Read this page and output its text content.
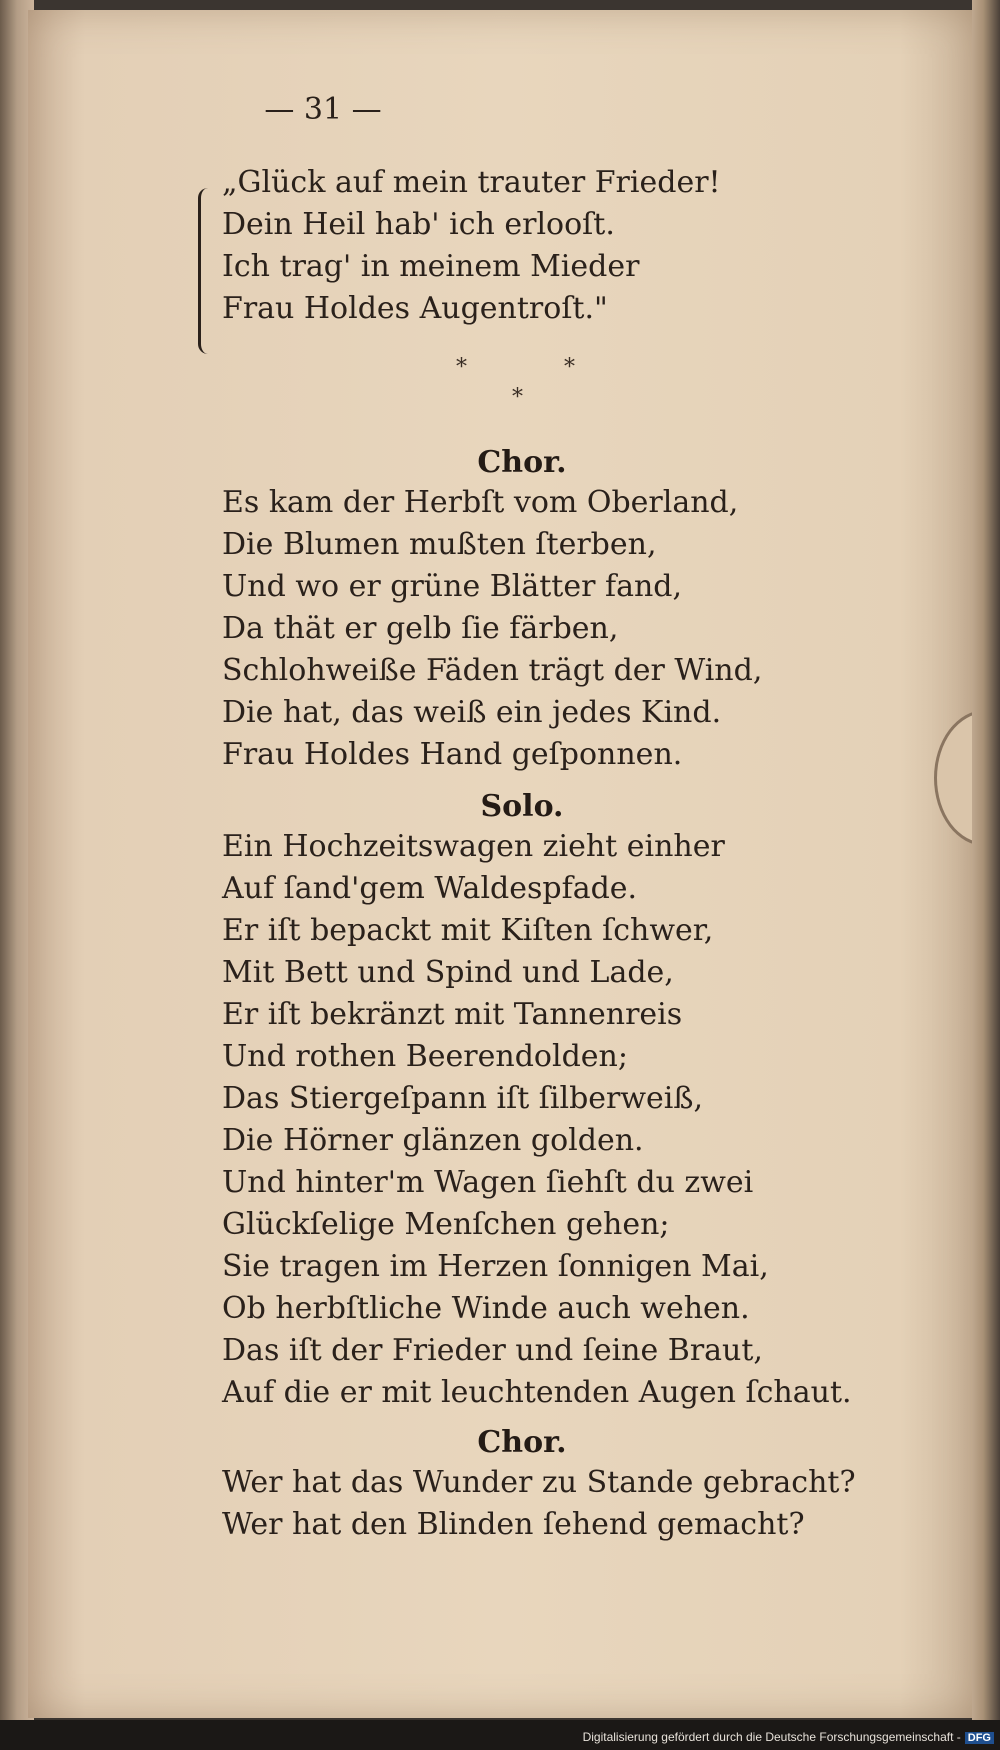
— 31 —
„Glück auf mein trauter Frieder!
Dein Heil hab' ich erlooſt.
Ich trag' in meinem Mieder
Frau Holdes Augentroſt."
Chor.
Es kam der Herbſt vom Oberland,
Die Blumen mußten ſterben,
Und wo er grüne Blätter fand,
Da thät er gelb ſie färben,
Schlohweiße Fäden trägt der Wind,
Die hat, das weiß ein jedes Kind.
Frau Holdes Hand geſponnen.
Solo.
Ein Hochzeitswagen zieht einher
Auf ſand'gem Waldespfade.
Er iſt bepackt mit Kiſten ſchwer,
Mit Bett und Spind und Lade,
Er iſt bekränzt mit Tannenreis
Und rothen Beerendolden;
Das Stiergeſpann iſt ſilberweiß,
Die Hörner glänzen golden.
Und hinter'm Wagen ſiehſt du zwei
Glückſelige Menſchen gehen;
Sie tragen im Herzen ſonnigen Mai,
Ob herbſtliche Winde auch wehen.
Das iſt der Frieder und ſeine Braut,
Auf die er mit leuchtenden Augen ſchaut.
Chor.
Wer hat das Wunder zu Stande gebracht?
Wer hat den Blinden ſehend gemacht?
*	*
*
Digitalisierung gefördert durch die Deutsche Forschungsgemeinschaft - DFG
